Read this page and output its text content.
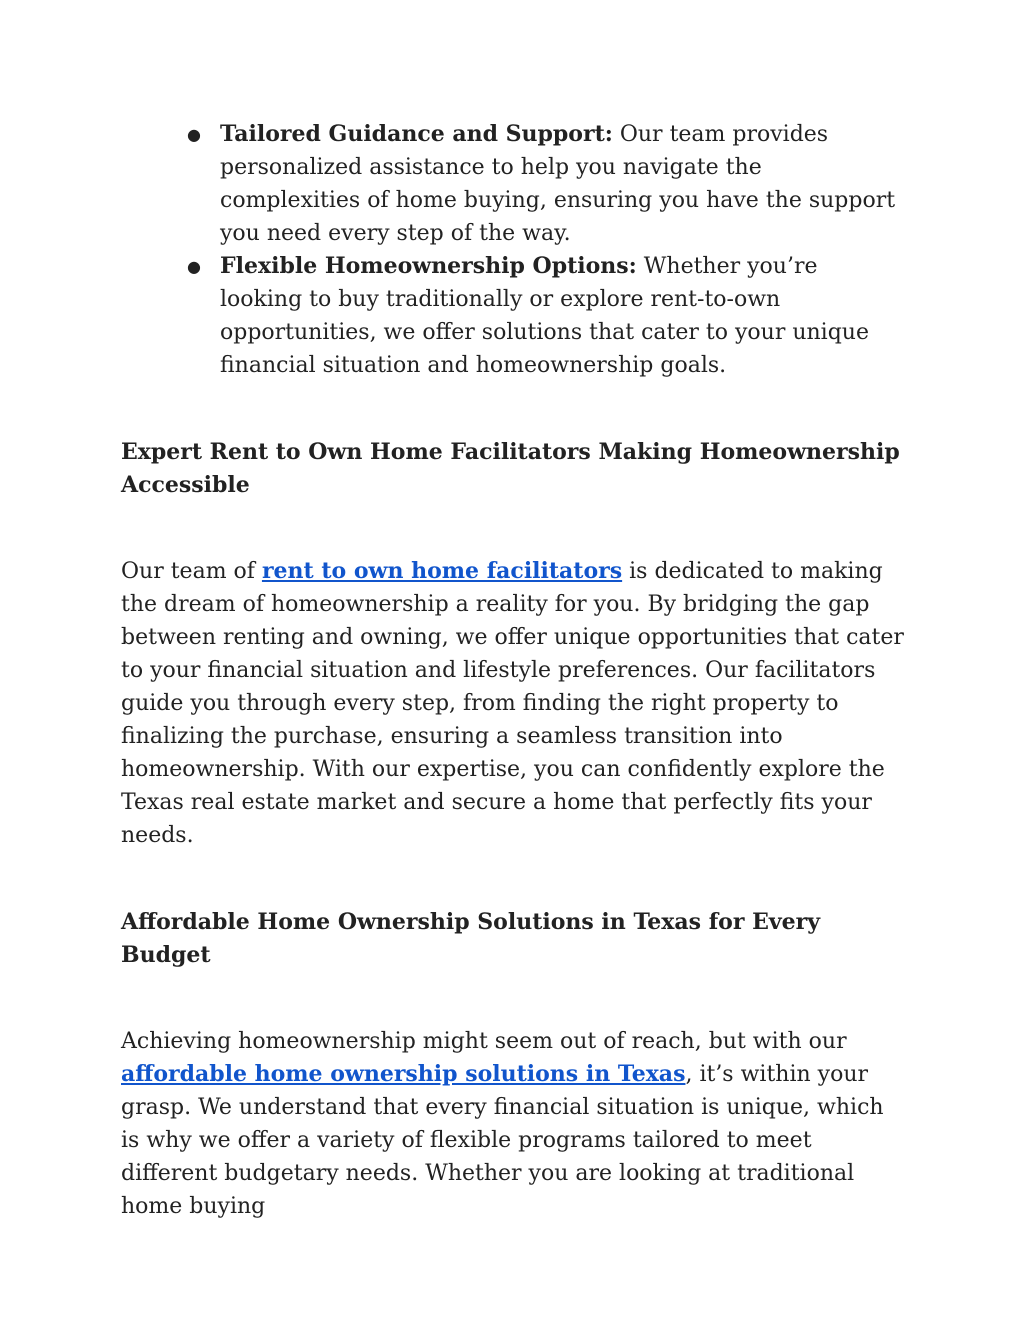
● Tailored Guidance and Support: Our team provides personalized assistance to help you navigate the complexities of home buying, ensuring you have the support you need every step of the way.
● Flexible Homeownership Options: Whether you’re looking to buy traditionally or explore rent-to-own opportunities, we offer solutions that cater to your unique financial situation and homeownership goals.
Expert Rent to Own Home Facilitators Making Homeownership Accessible

Our team of rent to own home facilitators is dedicated to making the dream of homeownership a reality for you. By bridging the gap between renting and owning, we offer unique opportunities that cater to your financial situation and lifestyle preferences. Our facilitators guide you through every step, from finding the right property to finalizing the purchase, ensuring a seamless transition into homeownership. With our expertise, you can confidently explore the Texas real estate market and secure a home that perfectly fits your needs.

Affordable Home Ownership Solutions in Texas for Every Budget

Achieving homeownership might seem out of reach, but with our affordable home ownership solutions in Texas, it’s within your grasp. We understand that every financial situation is unique, which is why we offer a variety of flexible programs tailored to meet different budgetary needs. Whether you are looking at traditional home buying
